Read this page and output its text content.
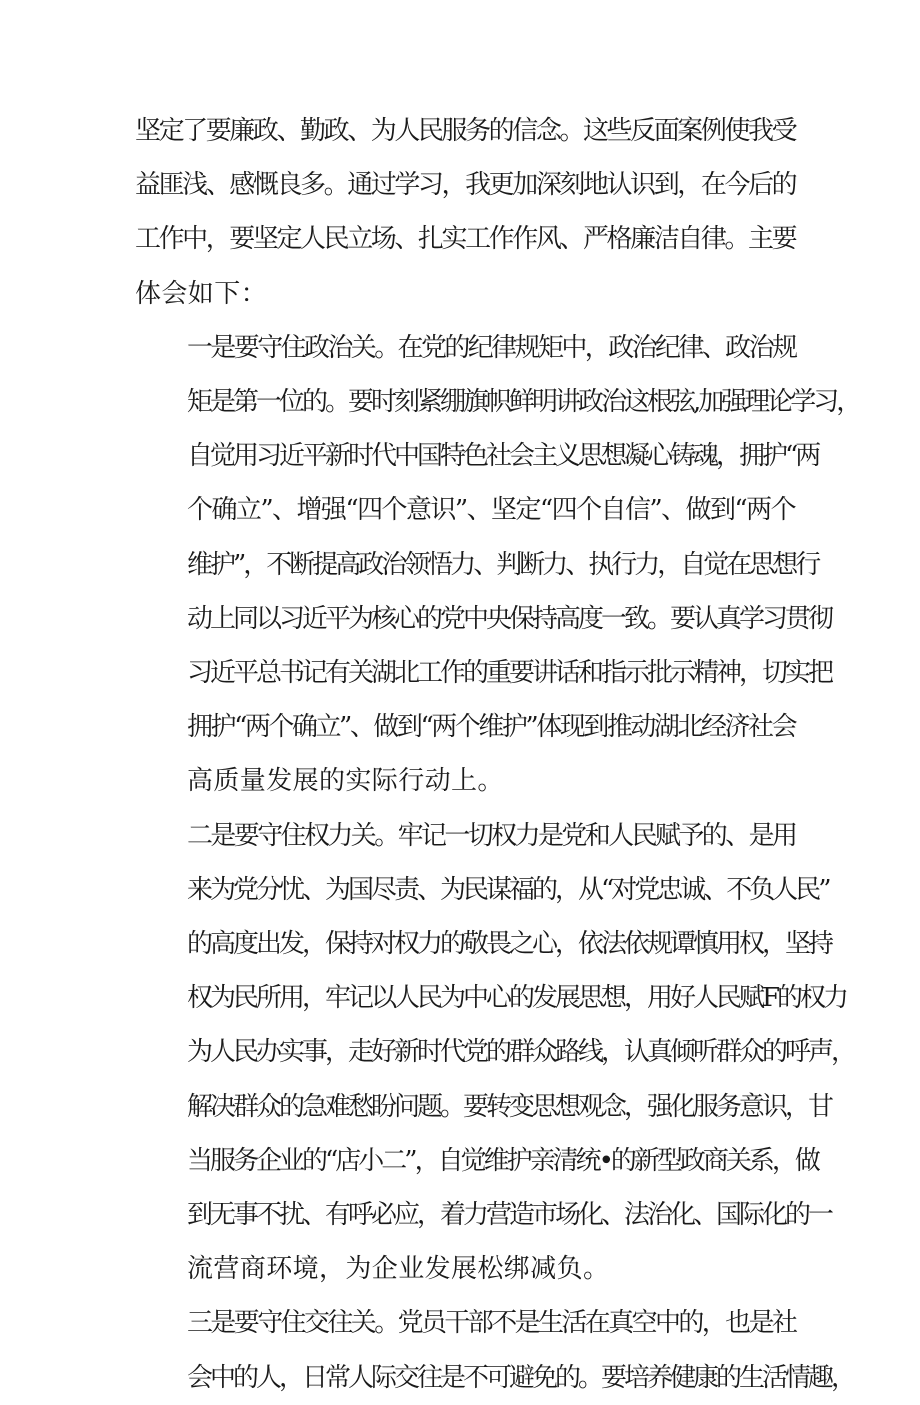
坚定了要廉政、勤政、为人民服务的信念。这些反面案例使我受
益匪浅、感慨良多。通过学习，我更加深刻地认识到，在今后的
工作中，要坚定人民立场、扎实工作作风、严格廉洁自律。主要
体会如下：

一是要守住政治关。在党的纪律规矩中，政治纪律、政治规
矩是第一位的。要时刻紧绷旗帜鲜明讲政治这根弦,加强理论学习，
自觉用习近平新时代中国特色社会主义思想凝心铸魂，拥护“两
个确立”、增强“四个意识”、坚定“四个自信”、做到“两个
维护”，不断提高政治领悟力、判断力、执行力，自觉在思想行
动上同以习近平为核心的党中央保持高度一致。要认真学习贯彻
习近平总书记有关湖北工作的重要讲话和指示批示精神，切实把
拥护“两个确立”、做到“两个维护”体现到推动湖北经济社会
高质量发展的实际行动上。

二是要守住权力关。牢记一切权力是党和人民赋予的、是用
来为党分忧、为国尽责、为民谋福的，从“对党忠诚、不负人民”
的高度出发，保持对权力的敬畏之心，依法依规谭慎用权，坚持
权为民所用，牢记以人民为中心的发展思想，用好人民赋F的权力
为人民办实事，走好新时代党的群众路线，认真倾听群众的呼声，
解决群众的急难愁盼问题。要转变思想观念，强化服务意识，甘
当服务企业的“店小二”，自觉维护亲清统•的新型政商关系，做
到无事不扰、有呼必应，着力营造市场化、法治化、国际化的一
流营商环境，为企业发展松绑减负。

三是要守住交往关。党员干部不是生活在真空中的，也是社
会中的人，日常人际交往是不可避免的。要培养健康的生活情趣，
